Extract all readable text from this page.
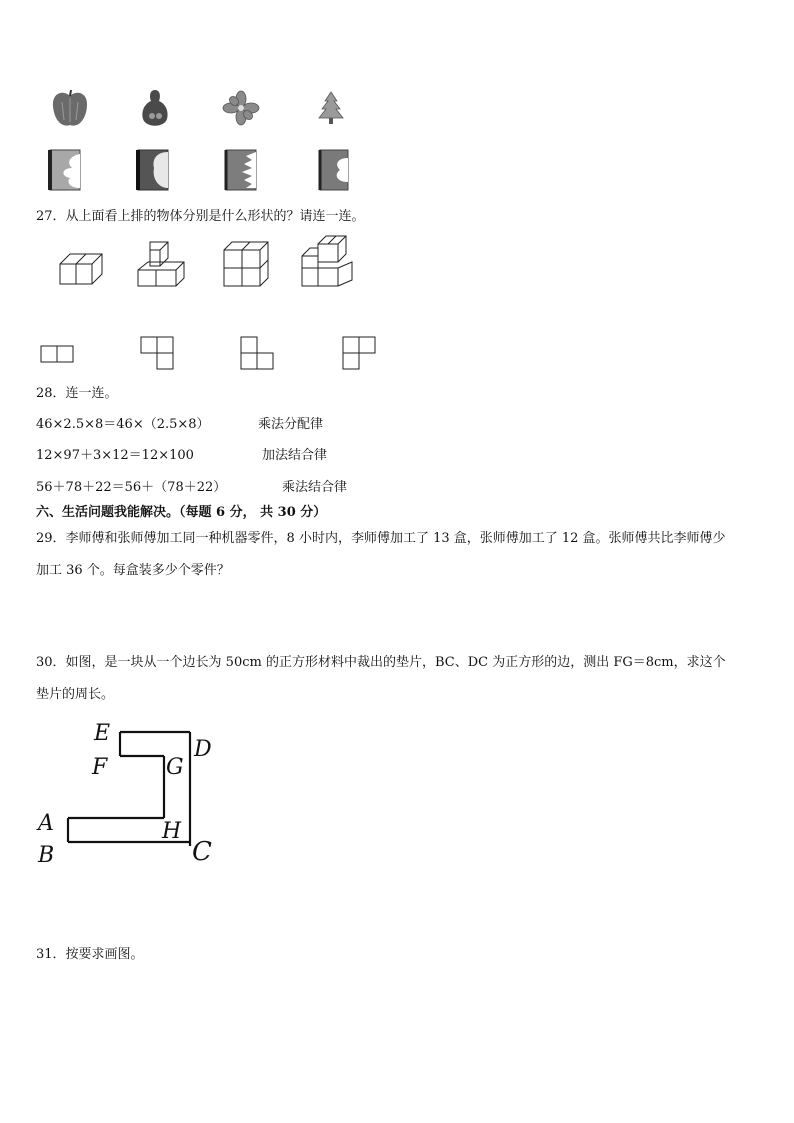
27．从上面看上排的物体分别是什么形状的？请连一连。
28．连一连。
46×2.5×8＝46×（2.5×8）	乘法分配律
12×97＋3×12＝12×100	加法结合律
56＋78＋22＝56＋（78＋22）	乘法结合律
六、生活问题我能解决。（每题 6 分， 共 30 分）
29．李师傅和张师傅加工同一种机器零件，8 小时内，李师傅加工了 13 盒，张师傅加工了 12 盒。张师傅共比李师傅少
加工 36 个。每盒装多少个零件？
30．如图，是一块从一个边长为 50cm 的正方形材料中裁出的垫片，BC、DC 为正方形的边，测出 FG＝8cm，求这个
垫片的周长。
E
F	G
D
A
B
H
C
31．按要求画图。
